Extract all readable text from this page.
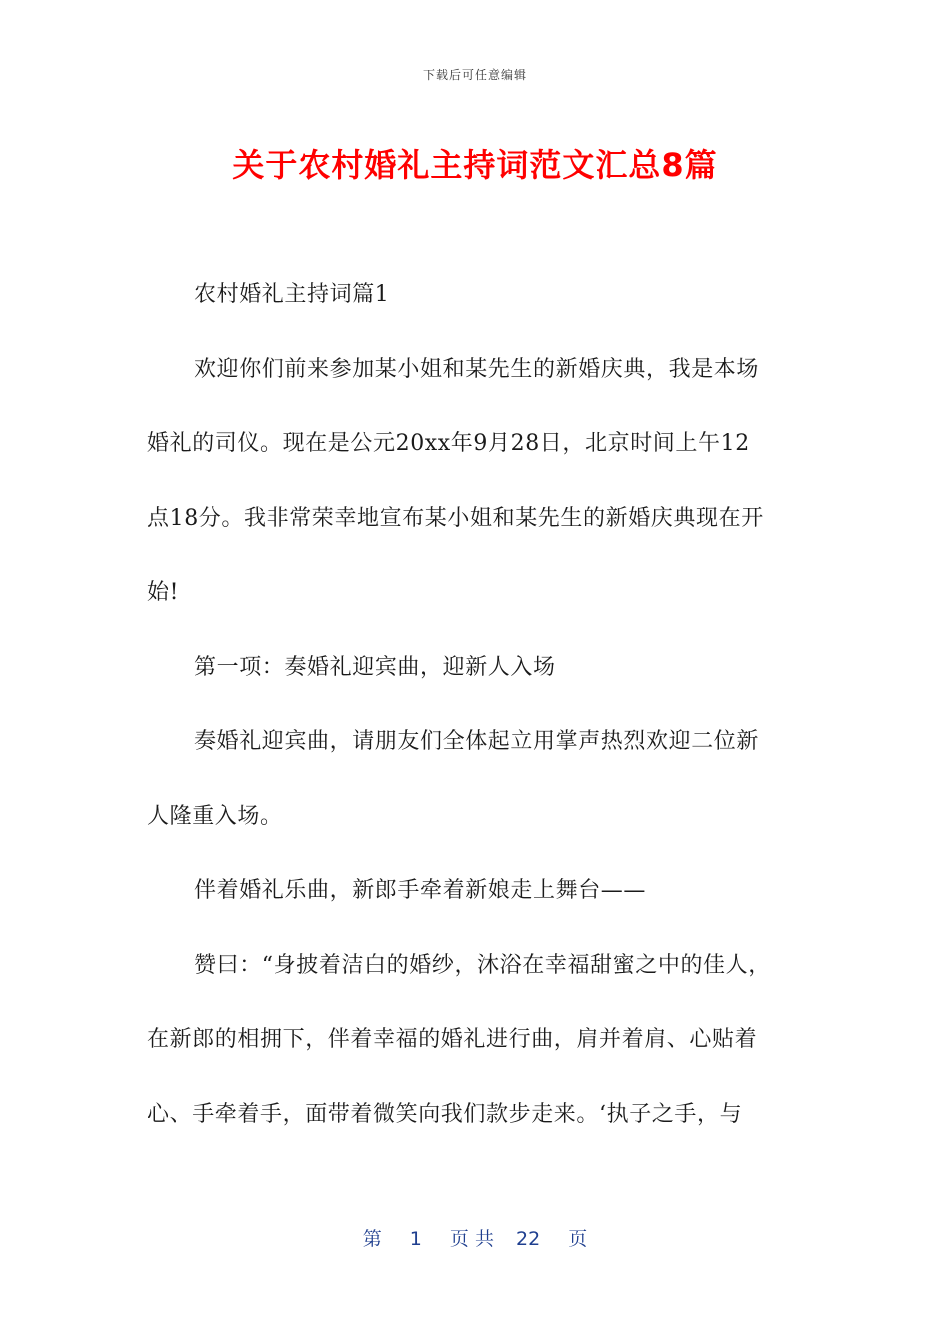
下载后可任意编辑
关于农村婚礼主持词范文汇总8篇
农村婚礼主持词篇1
欢迎你们前来参加某小姐和某先生的新婚庆典，我是本场
婚礼的司仪。现在是公元20xx年9月28日，北京时间上午12
点18分。我非常荣幸地宣布某小姐和某先生的新婚庆典现在开
始!
第一项：奏婚礼迎宾曲，迎新人入场
奏婚礼迎宾曲，请朋友们全体起立用掌声热烈欢迎二位新
人隆重入场。
伴着婚礼乐曲，新郎手牵着新娘走上舞台——
赞曰：“身披着洁白的婚纱，沐浴在幸福甜蜜之中的佳人，
在新郎的相拥下，伴着幸福的婚礼进行曲，肩并着肩、心贴着
心、手牵着手，面带着微笑向我们款步走来。‘执子之手，与
第 1 页 共 22 页
